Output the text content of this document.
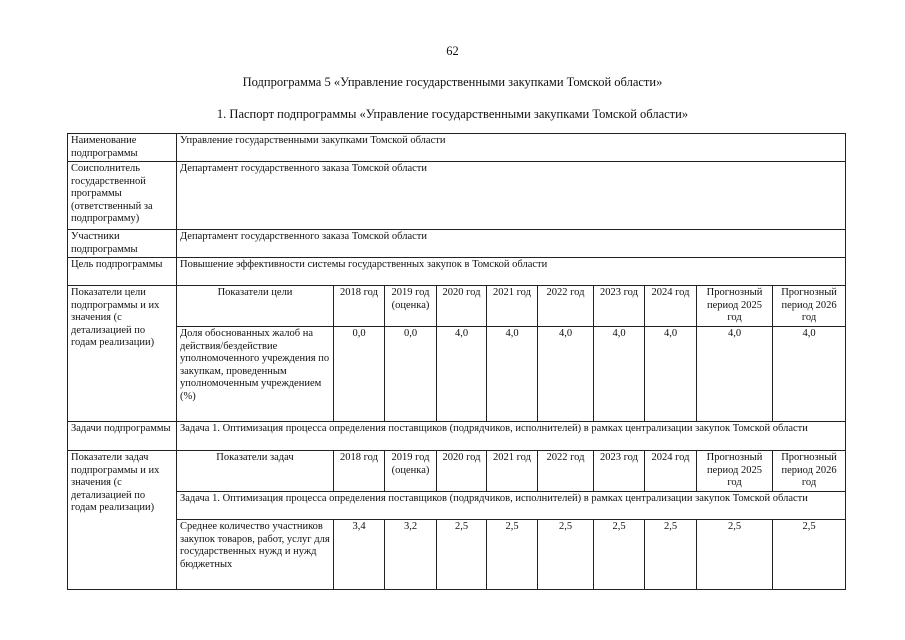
62
Подпрограмма 5 «Управление государственными закупками Томской области»
1. Паспорт подпрограммы «Управление государственными закупками Томской области»
Наименование подпрограммы	Управление государственными закупками Томской области									
Соисполнитель государственной программы (ответственный за подпрограмму)	Департамент государственного заказа Томской области									
Участники подпрограммы	Департамент государственного заказа Томской области									
Цель подпрограммы	Повышение эффективности системы государственных закупок в Томской области									
Показатели цели подпрограммы и их значения (с детализацией по годам реализации)	Показатели цели	2018 год	2019 год (оценка)	2020 год	2021 год	2022 год	2023 год	2024 год	Прогнозный период 2025 год	Прогнозный период 2026 год
	Доля обоснованных жалоб на действия/бездействие уполномоченного учреждения по закупкам, проведенным уполномоченным учреждением (%)	0,0	0,0	4,0	4,0	4,0	4,0	4,0	4,0	4,0
Задачи подпрограммы	Задача 1. Оптимизация процесса определения поставщиков (подрядчиков, исполнителей) в рамках централизации закупок Томской области									
Показатели задач подпрограммы и их значения (с детализацией по годам реализации)	Показатели задач	2018 год	2019 год (оценка)	2020 год	2021 год	2022 год	2023 год	2024 год	Прогнозный период 2025 год	Прогнозный период 2026 год
	Задача 1. Оптимизация процесса определения поставщиков (подрядчиков, исполнителей) в рамках централизации закупок Томской области									
	Среднее количество участников закупок товаров, работ, услуг для государственных нужд и нужд бюджетных	3,4	3,2	2,5	2,5	2,5	2,5	2,5	2,5	2,5
